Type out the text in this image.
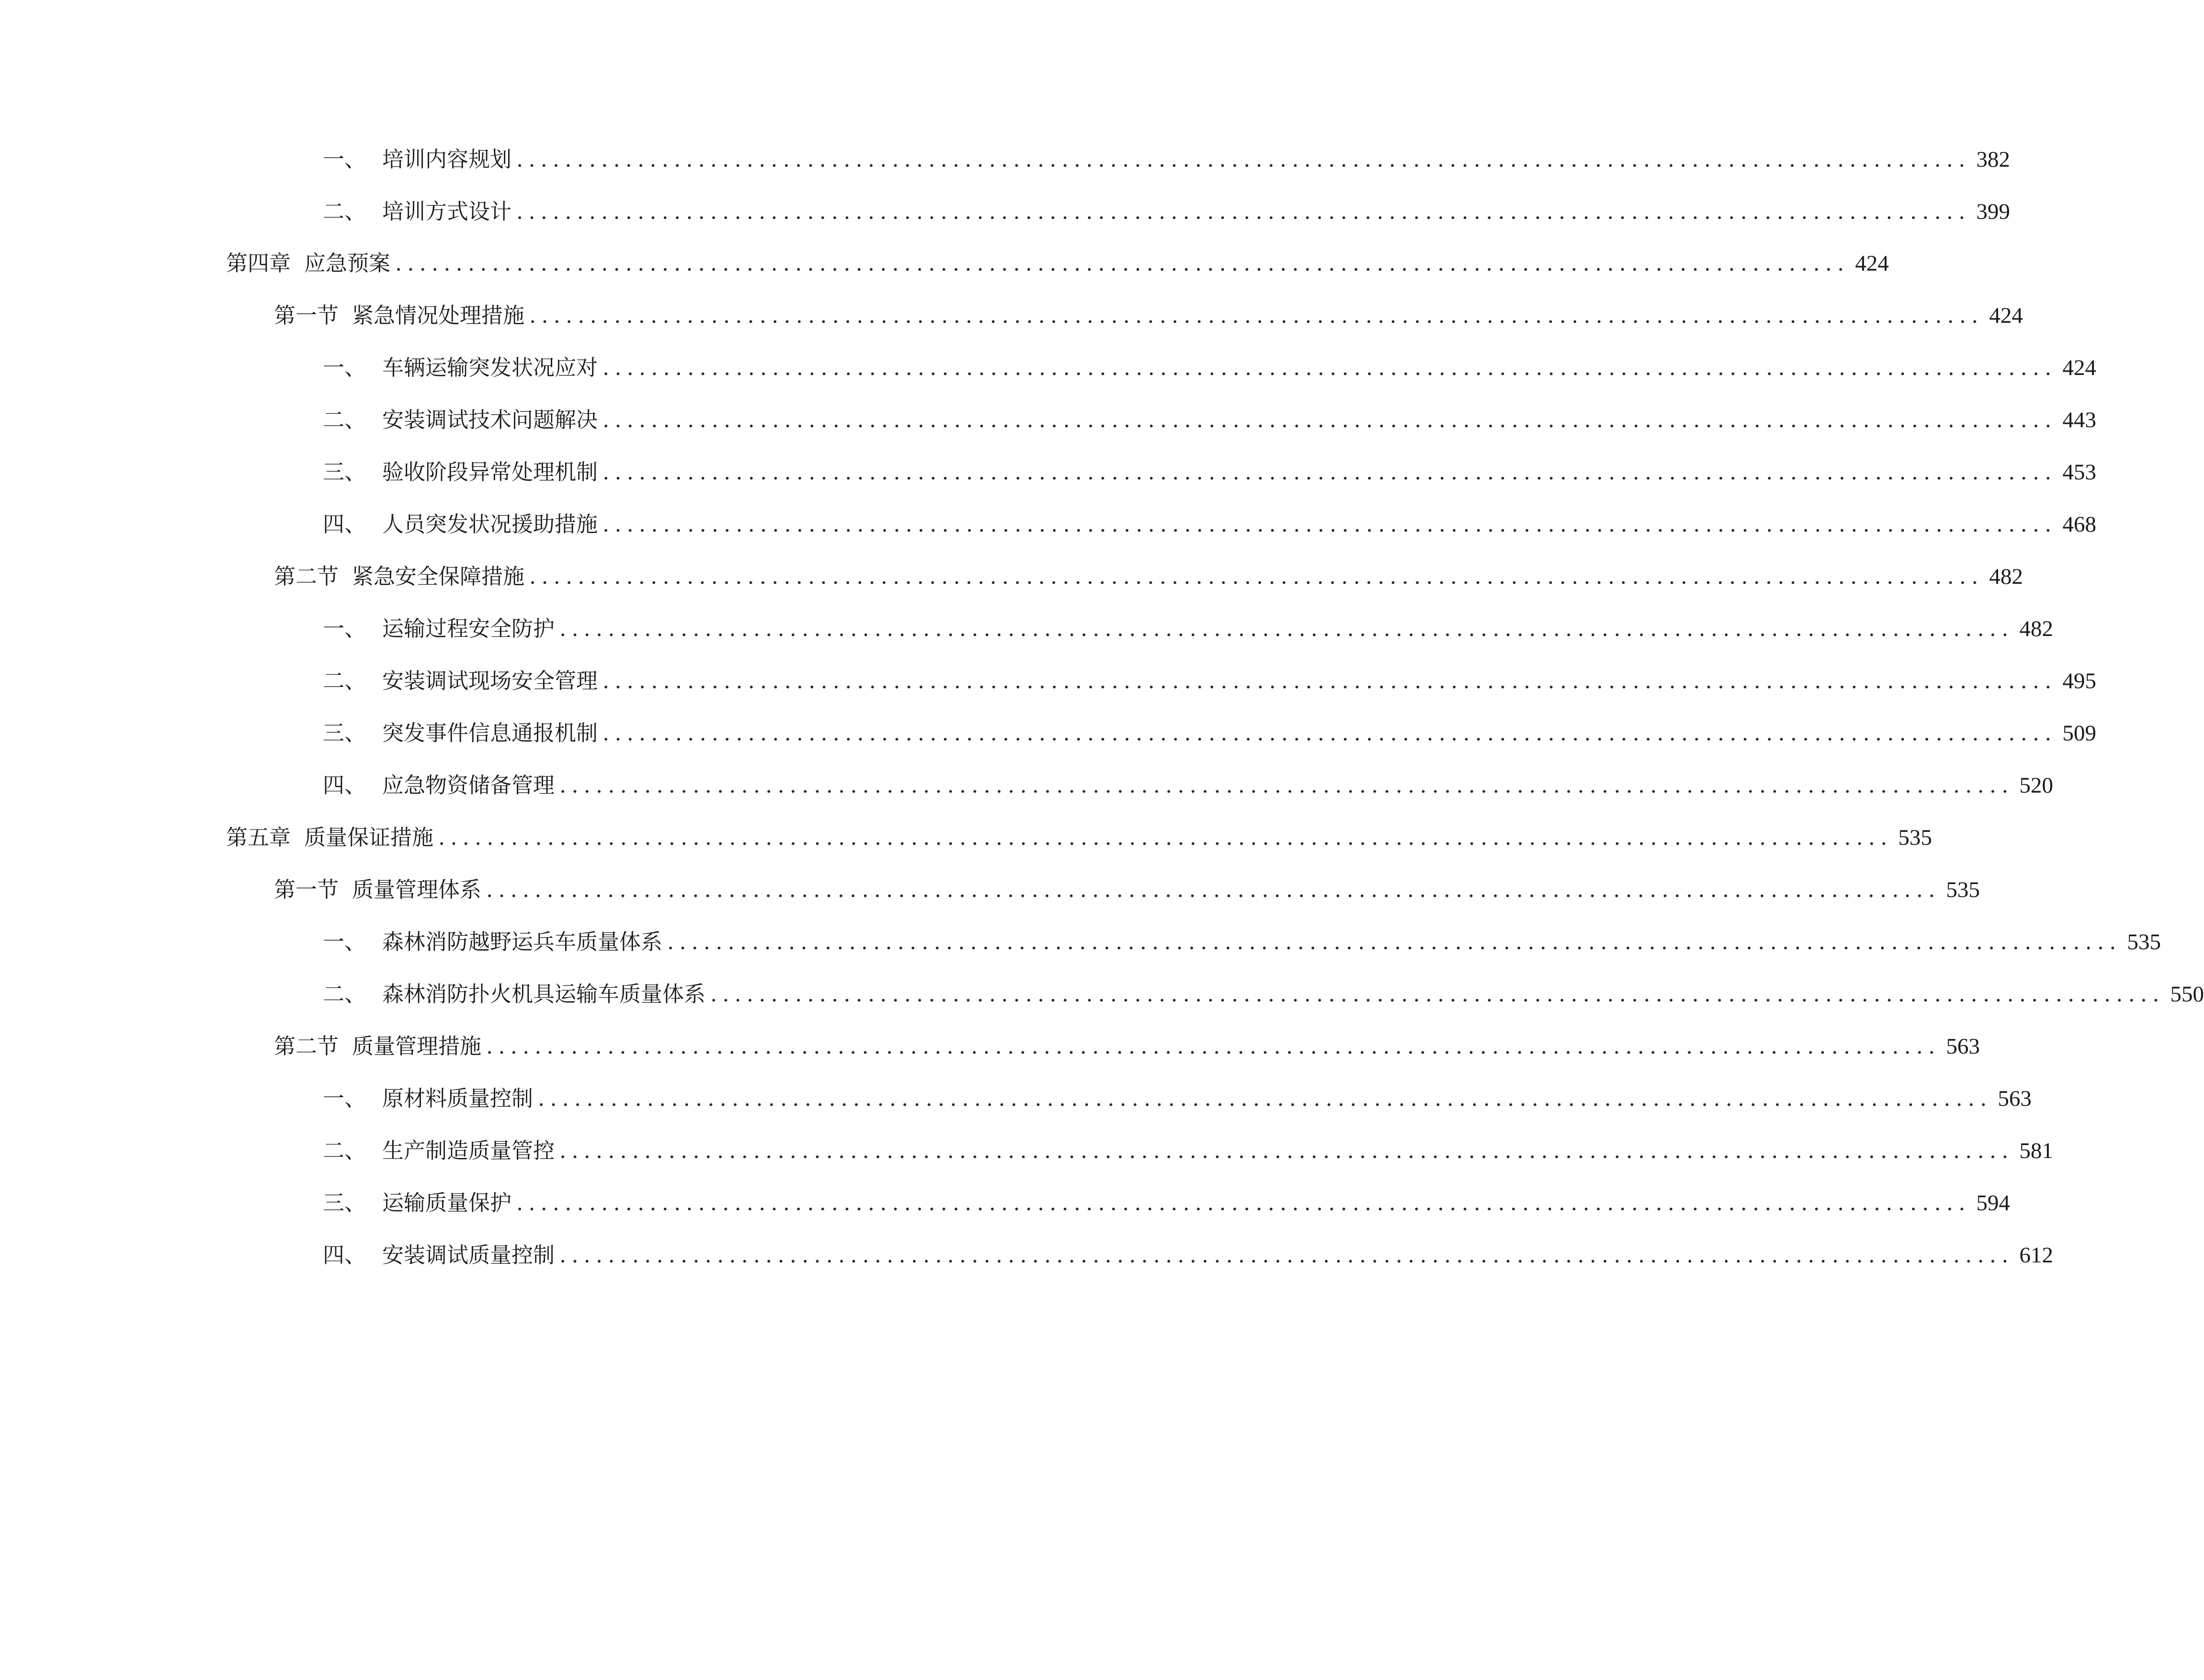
一、 培训内容规划 ........................................................................................................................ 382
二、 培训方式设计 ........................................................................................................................ 399
第四章 应急预案 ........................................................................................................................ 424
第一节 紧急情况处理措施 ........................................................................................................................ 424
一、 车辆运输突发状况应对 ........................................................................................................................ 424
二、 安装调试技术问题解决 ........................................................................................................................ 443
三、 验收阶段异常处理机制 ........................................................................................................................ 453
四、 人员突发状况援助措施 ........................................................................................................................ 468
第二节 紧急安全保障措施 ........................................................................................................................ 482
一、 运输过程安全防护 ........................................................................................................................ 482
二、 安装调试现场安全管理 ........................................................................................................................ 495
三、 突发事件信息通报机制 ........................................................................................................................ 509
四、 应急物资储备管理 ........................................................................................................................ 520
第五章 质量保证措施 ........................................................................................................................ 535
第一节 质量管理体系 ........................................................................................................................ 535
一、 森林消防越野运兵车质量体系 ........................................................................................................................ 535
二、 森林消防扑火机具运输车质量体系 ........................................................................................................................ 550
第二节 质量管理措施 ........................................................................................................................ 563
一、 原材料质量控制 ........................................................................................................................ 563
二、 生产制造质量管控 ........................................................................................................................ 581
三、 运输质量保护 ........................................................................................................................ 594
四、 安装调试质量控制 ........................................................................................................................ 612
